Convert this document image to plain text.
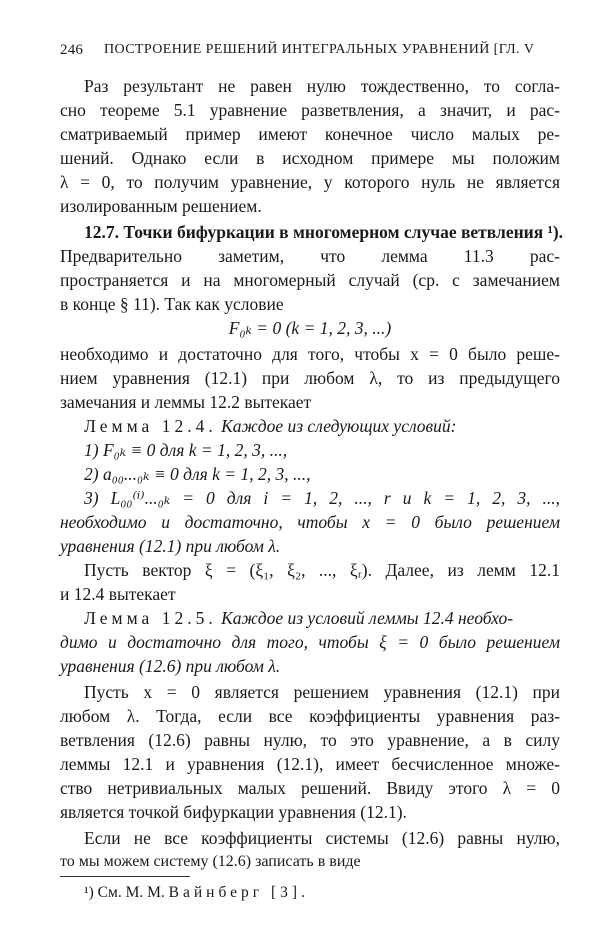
246	ПОСТРОЕНИЕ РЕШЕНИЙ ИНТЕГРАЛЬНЫХ УРАВНЕНИЙ [ГЛ. V
Раз результант не равен нулю тождественно, то согла-
сно теореме 5.1 уравнение разветвления, а значит, и рас-
сматриваемый пример имеют конечное число малых ре-
шений. Однако если в исходном примере мы положим
λ = 0, то получим уравнение, у которого нуль не является
изолированным решением.
12.7. Точки бифуркации в многомерном случае ветвления ¹).
Предварительно заметим, что лемма 11.3 рас-
пространяется и на многомерный случай (ср. с замечанием
в конце § 11). Так как условие
F₀ₖ = 0 (k = 1, 2, 3, ...)
необходимо и достаточно для того, чтобы x = 0 было реше-
нием уравнения (12.1) при любом λ, то из предыдущего
замечания и леммы 12.2 вытекает
Лемма 12.4. Каждое из следующих условий:
1) F₀ₖ ≡ 0 для k = 1, 2, 3, ...,
2) a₀₀...₀ₖ ≡ 0 для k = 1, 2, 3, ...,
3) L₀₀⁽ⁱ⁾...₀ₖ = 0 для i = 1, 2, ..., r и k = 1, 2, 3, ...,
необходимо и достаточно, чтобы x = 0 было решением
уравнения (12.1) при любом λ.
Пусть вектор ξ = (ξ₁, ξ₂, ..., ξᵣ). Далее, из лемм 12.1
и 12.4 вытекает
Лемма 12.5. Каждое из условий леммы 12.4 необхо-
димо и достаточно для того, чтобы ξ = 0 было решением
уравнения (12.6) при любом λ.
Пусть x = 0 является решением уравнения (12.1) при
любом λ. Тогда, если все коэффициенты уравнения раз-
ветвления (12.6) равны нулю, то это уравнение, а в силу
леммы 12.1 и уравнения (12.1), имеет бесчисленное множе-
ство нетривиальных малых решений. Ввиду этого λ = 0
является точкой бифуркации уравнения (12.1).
Если не все коэффициенты системы (12.6) равны нулю,
то мы можем систему (12.6) записать в виде
¹) См. М. М. Вайнберг [3].
